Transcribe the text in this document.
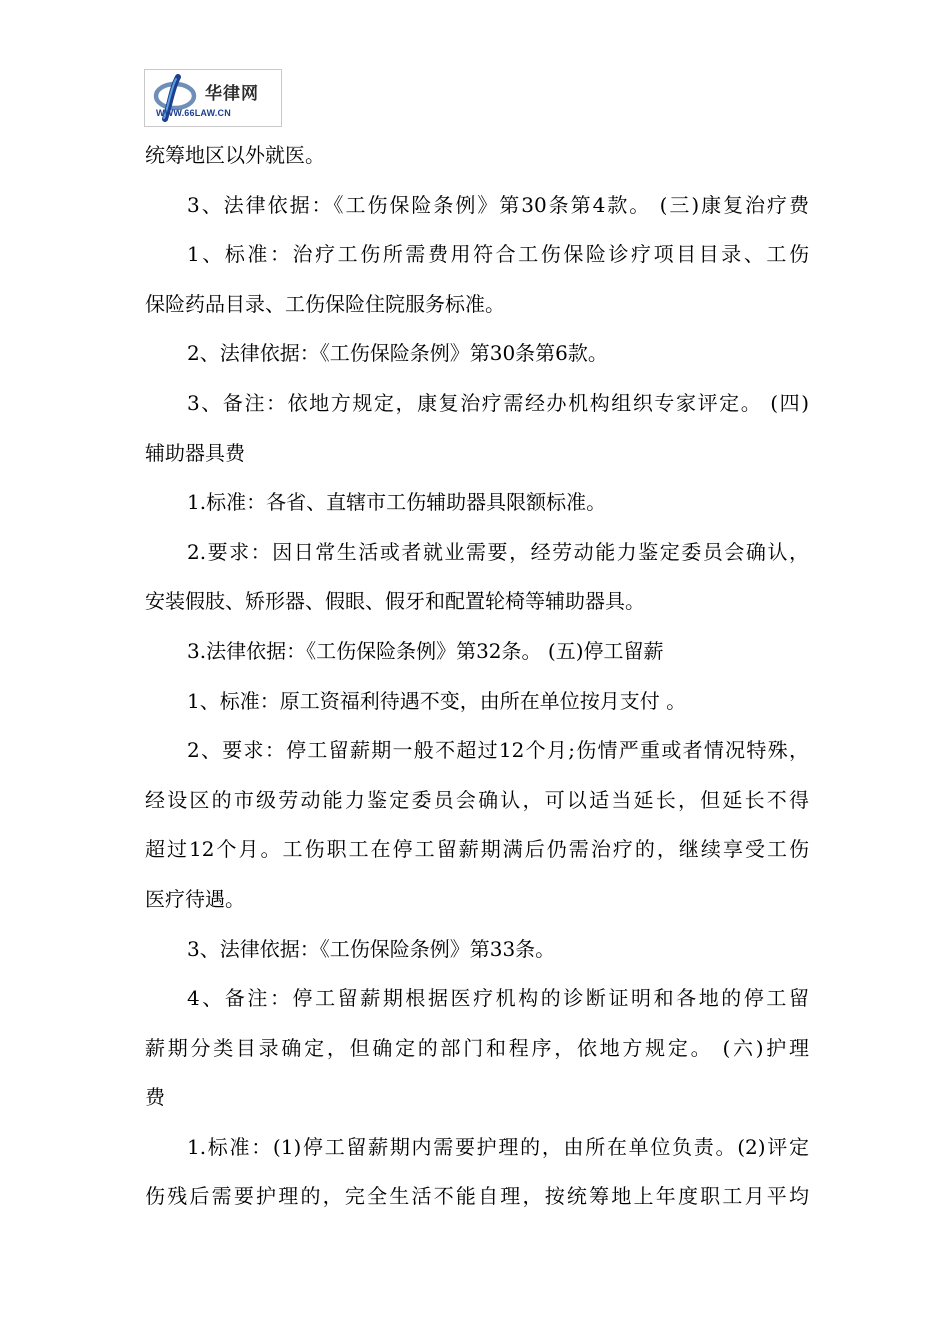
华律网
WWW.66LAW.CN
统筹地区以外就医。
3、法律依据：《工伤保险条例》第30条第4款。 (三)康复治疗费
1、标准：治疗工伤所需费用符合工伤保险诊疗项目目录、工伤
保险药品目录、工伤保险住院服务标准。
2、法律依据：《工伤保险条例》第30条第6款。
3、备注：依地方规定，康复治疗需经办机构组织专家评定。 (四)
辅助器具费
1.标准：各省、直辖市工伤辅助器具限额标准。
2.要求：因日常生活或者就业需要，经劳动能力鉴定委员会确认，
安装假肢、矫形器、假眼、假牙和配置轮椅等辅助器具。
3.法律依据：《工伤保险条例》第32条。 (五)停工留薪
1、标准：原工资福利待遇不变，由所在单位按月支付 。
2、要求：停工留薪期一般不超过12个月;伤情严重或者情况特殊，
经设区的市级劳动能力鉴定委员会确认，可以适当延长，但延长不得
超过12个月。工伤职工在停工留薪期满后仍需治疗的，继续享受工伤
医疗待遇。
3、法律依据：《工伤保险条例》第33条。
4、备注：停工留薪期根据医疗机构的诊断证明和各地的停工留
薪期分类目录确定，但确定的部门和程序，依地方规定。 (六)护理
费
1.标准：(1)停工留薪期内需要护理的，由所在单位负责。(2)评定
伤残后需要护理的，完全生活不能自理，按统筹地上年度职工月平均
